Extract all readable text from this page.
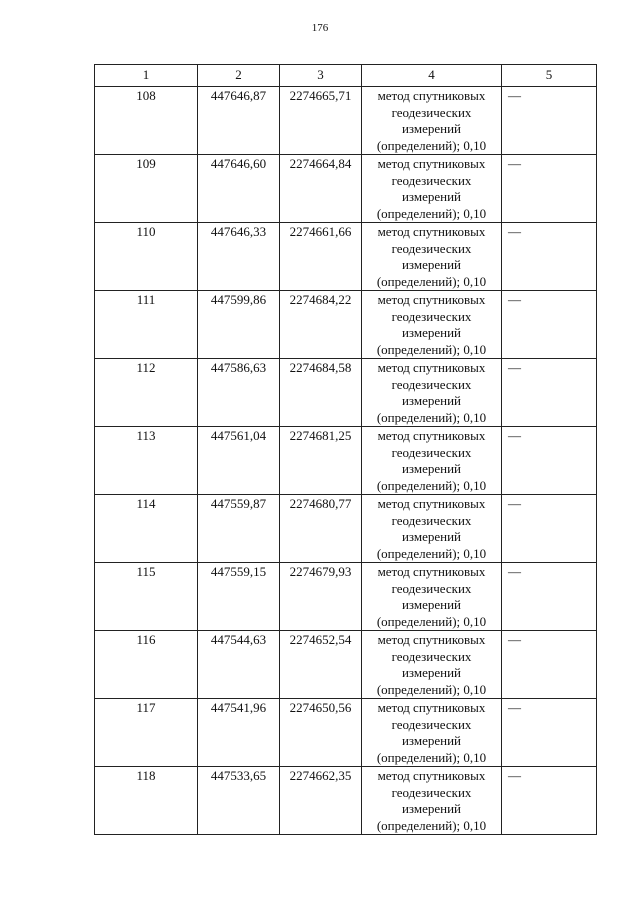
176
1	2	3	4	5
108	447646,87	2274665,71	метод спутниковых
геодезических
измерений
(определений); 0,10	—
109	447646,60	2274664,84	метод спутниковых
геодезических
измерений
(определений); 0,10	—
110	447646,33	2274661,66	метод спутниковых
геодезических
измерений
(определений); 0,10	—
111	447599,86	2274684,22	метод спутниковых
геодезических
измерений
(определений); 0,10	—
112	447586,63	2274684,58	метод спутниковых
геодезических
измерений
(определений); 0,10	—
113	447561,04	2274681,25	метод спутниковых
геодезических
измерений
(определений); 0,10	—
114	447559,87	2274680,77	метод спутниковых
геодезических
измерений
(определений); 0,10	—
115	447559,15	2274679,93	метод спутниковых
геодезических
измерений
(определений); 0,10	—
116	447544,63	2274652,54	метод спутниковых
геодезических
измерений
(определений); 0,10	—
117	447541,96	2274650,56	метод спутниковых
геодезических
измерений
(определений); 0,10	—
118	447533,65	2274662,35	метод спутниковых
геодезических
измерений
(определений); 0,10	—
